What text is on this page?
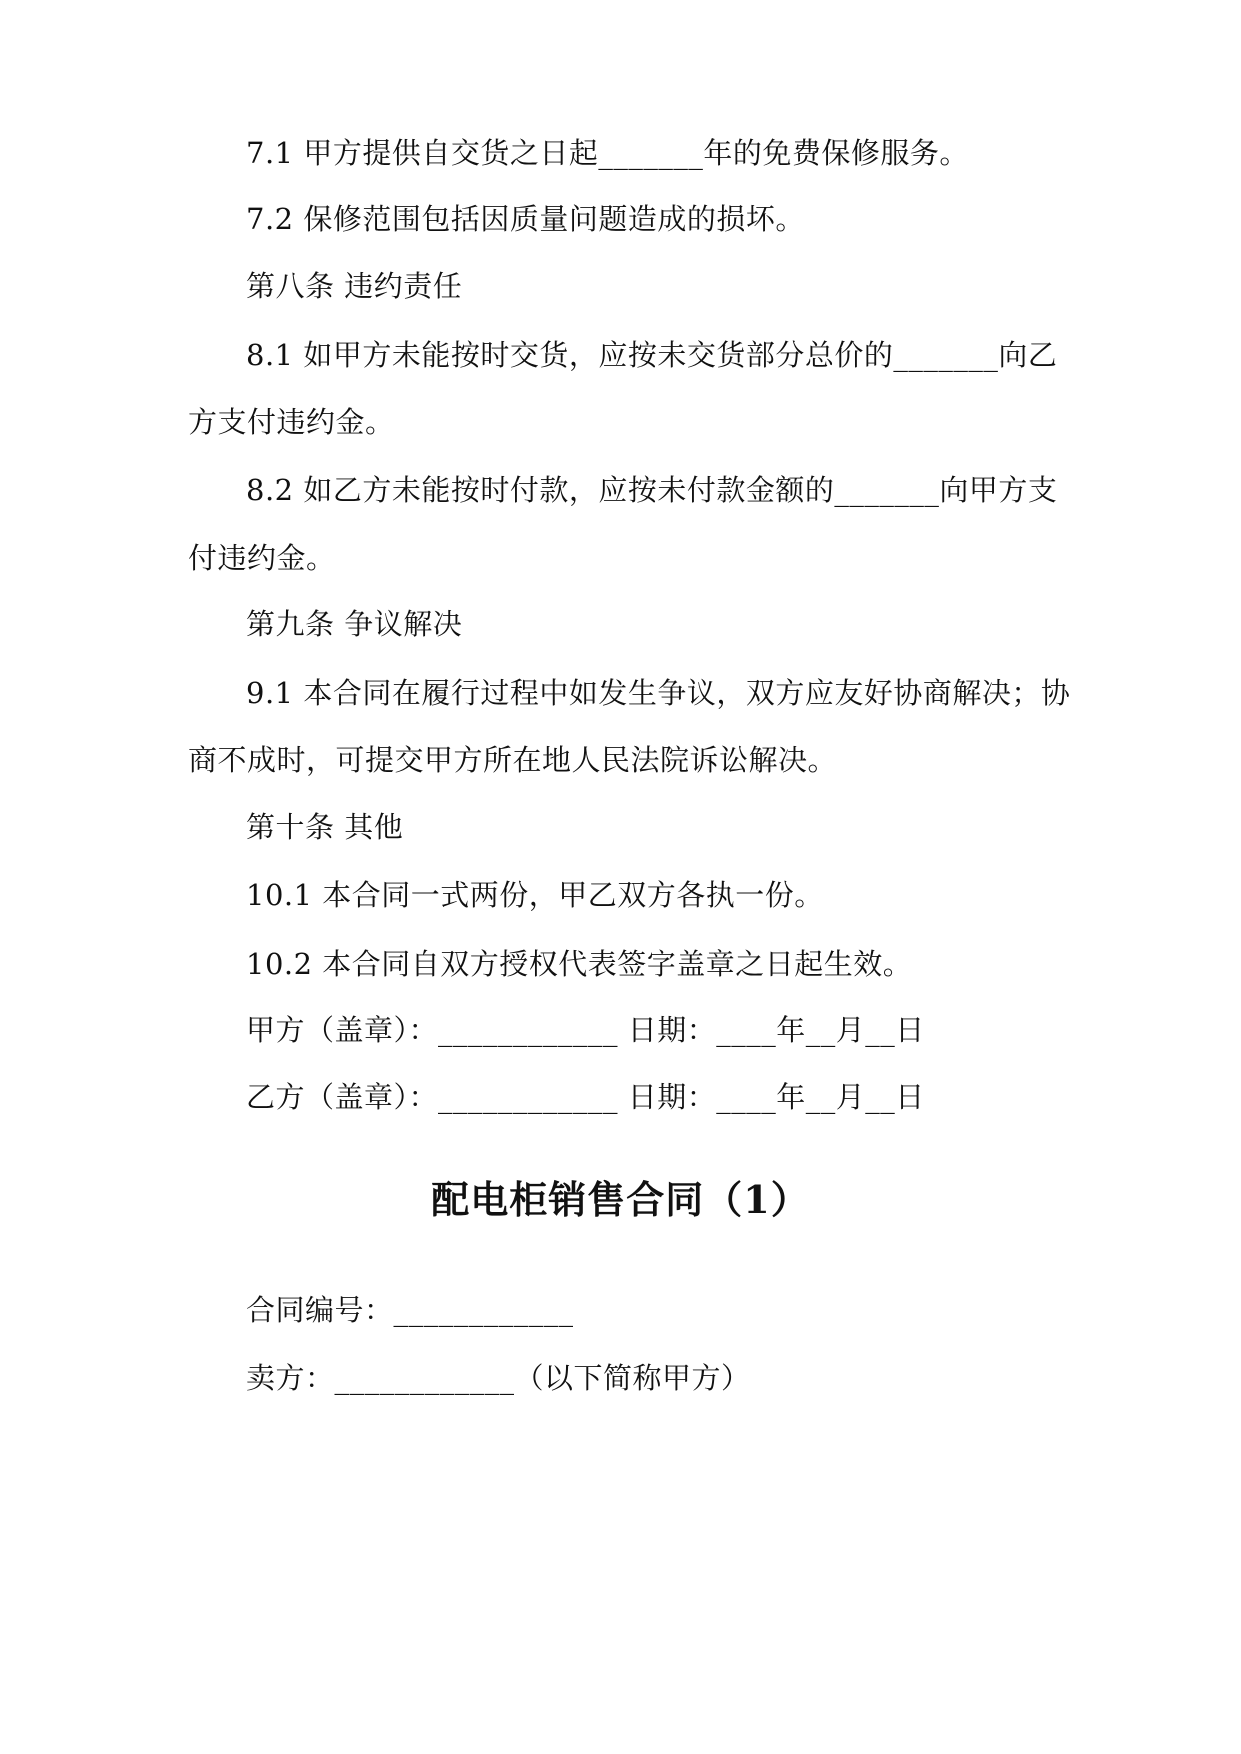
7.1 甲方提供自交货之日起_______年的免费保修服务。
7.2 保修范围包括因质量问题造成的损坏。
第八条 违约责任
8.1 如甲方未能按时交货，应按未交货部分总价的_______向乙
方支付违约金。
8.2 如乙方未能按时付款，应按未付款金额的_______向甲方支
付违约金。
第九条 争议解决
9.1 本合同在履行过程中如发生争议，双方应友好协商解决；协
商不成时，可提交甲方所在地人民法院诉讼解决。
第十条 其他
10.1 本合同一式两份，甲乙双方各执一份。
10.2 本合同自双方授权代表签字盖章之日起生效。
甲方（盖章）：____________ 日期：____年__月__日
乙方（盖章）：____________ 日期：____年__月__日
配电柜销售合同（1）
合同编号：____________
卖方：____________（以下简称甲方）
